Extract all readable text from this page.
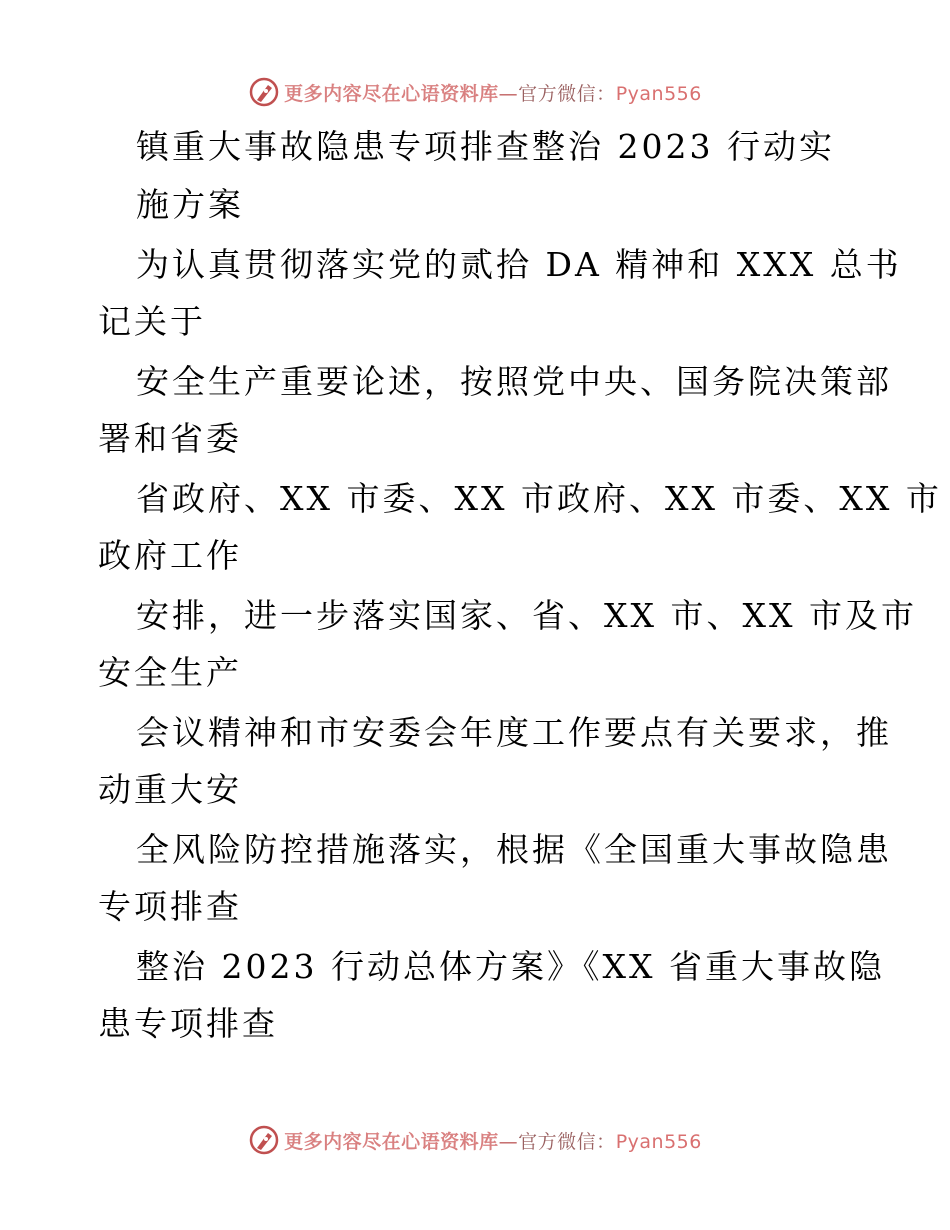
更多内容尽在心语资料库—官方微信：Pyan556
镇重大事故隐患专项排查整治 2023 行动实
施方案
为认真贯彻落实党的贰拾 DA 精神和 XXX 总书
记关于
安全生产重要论述，按照党中央、国务院决策部
署和省委
省政府、XX 市委、XX 市政府、XX 市委、XX 市
政府工作
安排，进一步落实国家、省、XX 市、XX 市及市
安全生产
会议精神和市安委会年度工作要点有关要求，推
动重大安
全风险防控措施落实，根据《全国重大事故隐患
专项排查
整治 2023 行动总体方案》《XX 省重大事故隐
患专项排查
更多内容尽在心语资料库—官方微信：Pyan556
